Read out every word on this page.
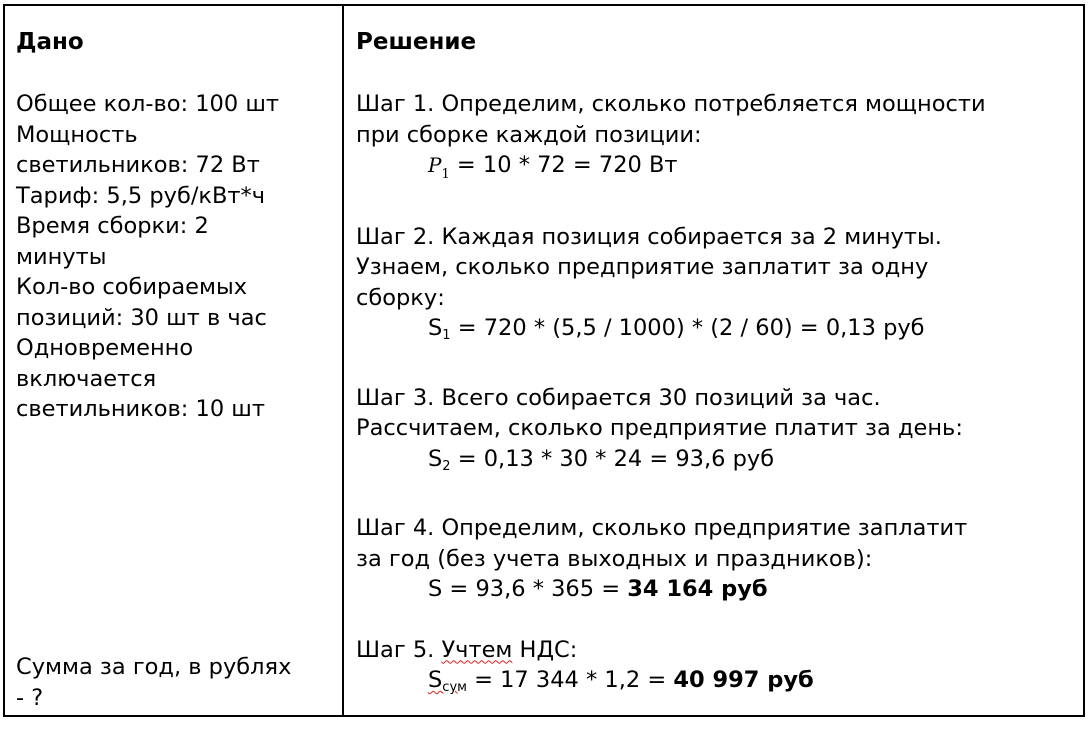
Дано
Общее кол-во: 100 шт
Мощность
светильников: 72 Вт
Тариф: 5,5 руб/кВт*ч
Время сборки: 2
минуты
Кол-во собираемых
позиций: 30 шт в час
Одновременно
включается
светильников: 10 шт
Сумма за год, в рублях
- ?
Решение
Шаг 1. Определим, сколько потребляется мощности
при сборке каждой позиции:
$P_1 = 10 * 72 = 720$ Вт
Шаг 2. Каждая позиция собирается за 2 минуты.
Узнаем, сколько предприятие заплатит за одну
сборку:
$S_1 = 720 * (5,5 / 1000) * (2 / 60) = 0,13$ руб
Шаг 3. Всего собирается 30 позиций за час.
Рассчитаем, сколько предприятие платит за день:
$S_2 = 0,13 * 30 * 24 = 93,6$ руб
Шаг 4. Определим, сколько предприятие заплатит
за год (без учета выходных и праздников):
S = 93,6 * 365 = 34 164 руб
Шаг 5. Учтем НДС:
$S_{сум} = 17$ 344 * 1,2 = 40 997 руб
